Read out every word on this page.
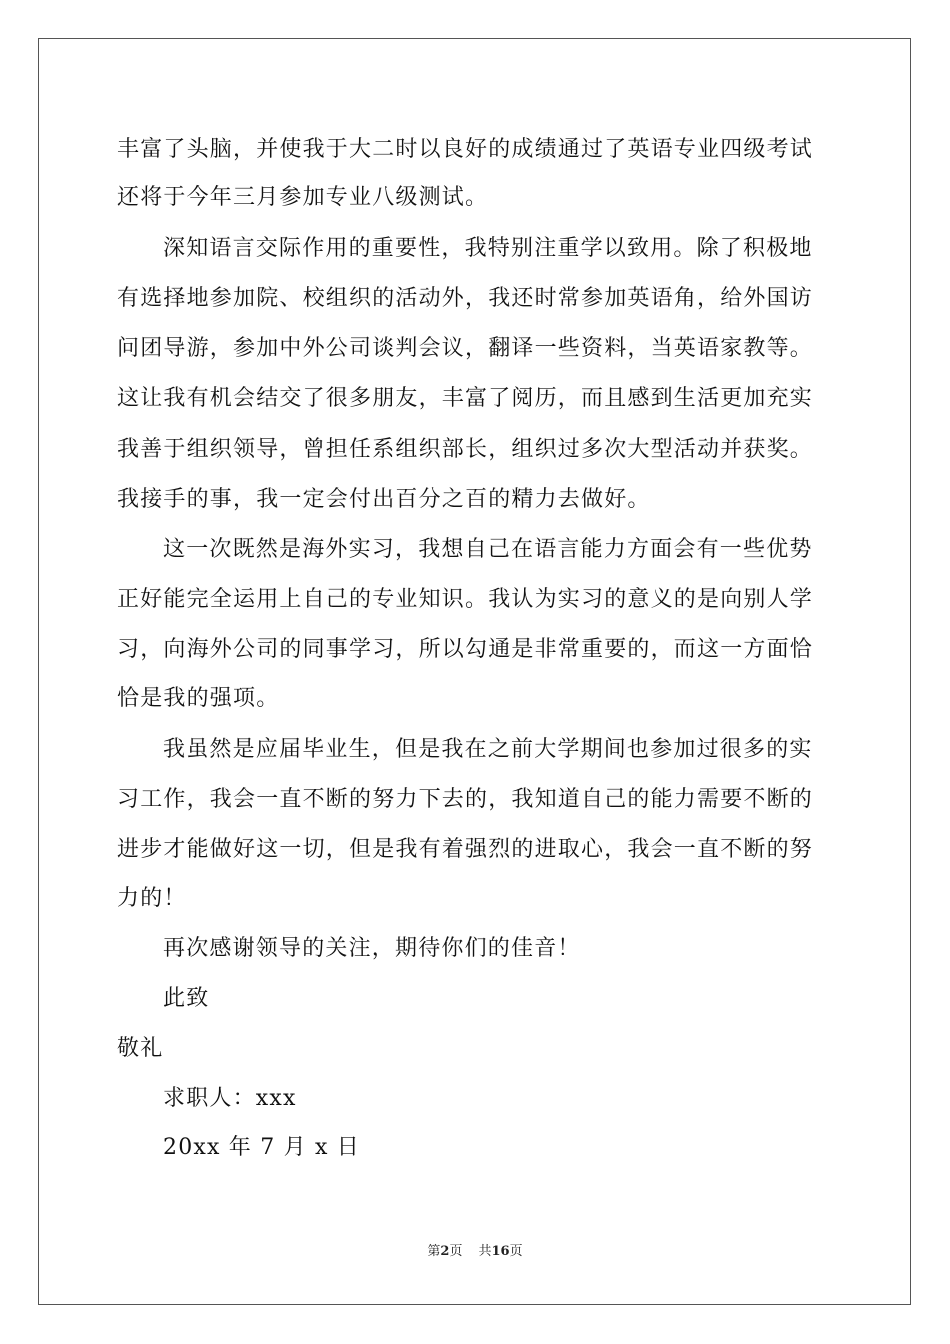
丰富了头脑，并使我于大二时以良好的成绩通过了英语专业四级考试
还将于今年三月参加专业八级测试。
深知语言交际作用的重要性，我特别注重学以致用。除了积极地
有选择地参加院、校组织的活动外，我还时常参加英语角，给外国访
问团导游，参加中外公司谈判会议，翻译一些资料，当英语家教等。
这让我有机会结交了很多朋友，丰富了阅历，而且感到生活更加充实
我善于组织领导，曾担任系组织部长，组织过多次大型活动并获奖。
我接手的事，我一定会付出百分之百的精力去做好。
这一次既然是海外实习，我想自己在语言能力方面会有一些优势
正好能完全运用上自己的专业知识。我认为实习的意义的是向别人学
习，向海外公司的同事学习，所以勾通是非常重要的，而这一方面恰
恰是我的强项。
我虽然是应届毕业生，但是我在之前大学期间也参加过很多的实
习工作，我会一直不断的努力下去的，我知道自己的能力需要不断的
进步才能做好这一切，但是我有着强烈的进取心，我会一直不断的努
力的！
再次感谢领导的关注，期待你们的佳音！
此致
敬礼
求职人：xxx
20xx 年 7 月 x 日
第2页 共16页
